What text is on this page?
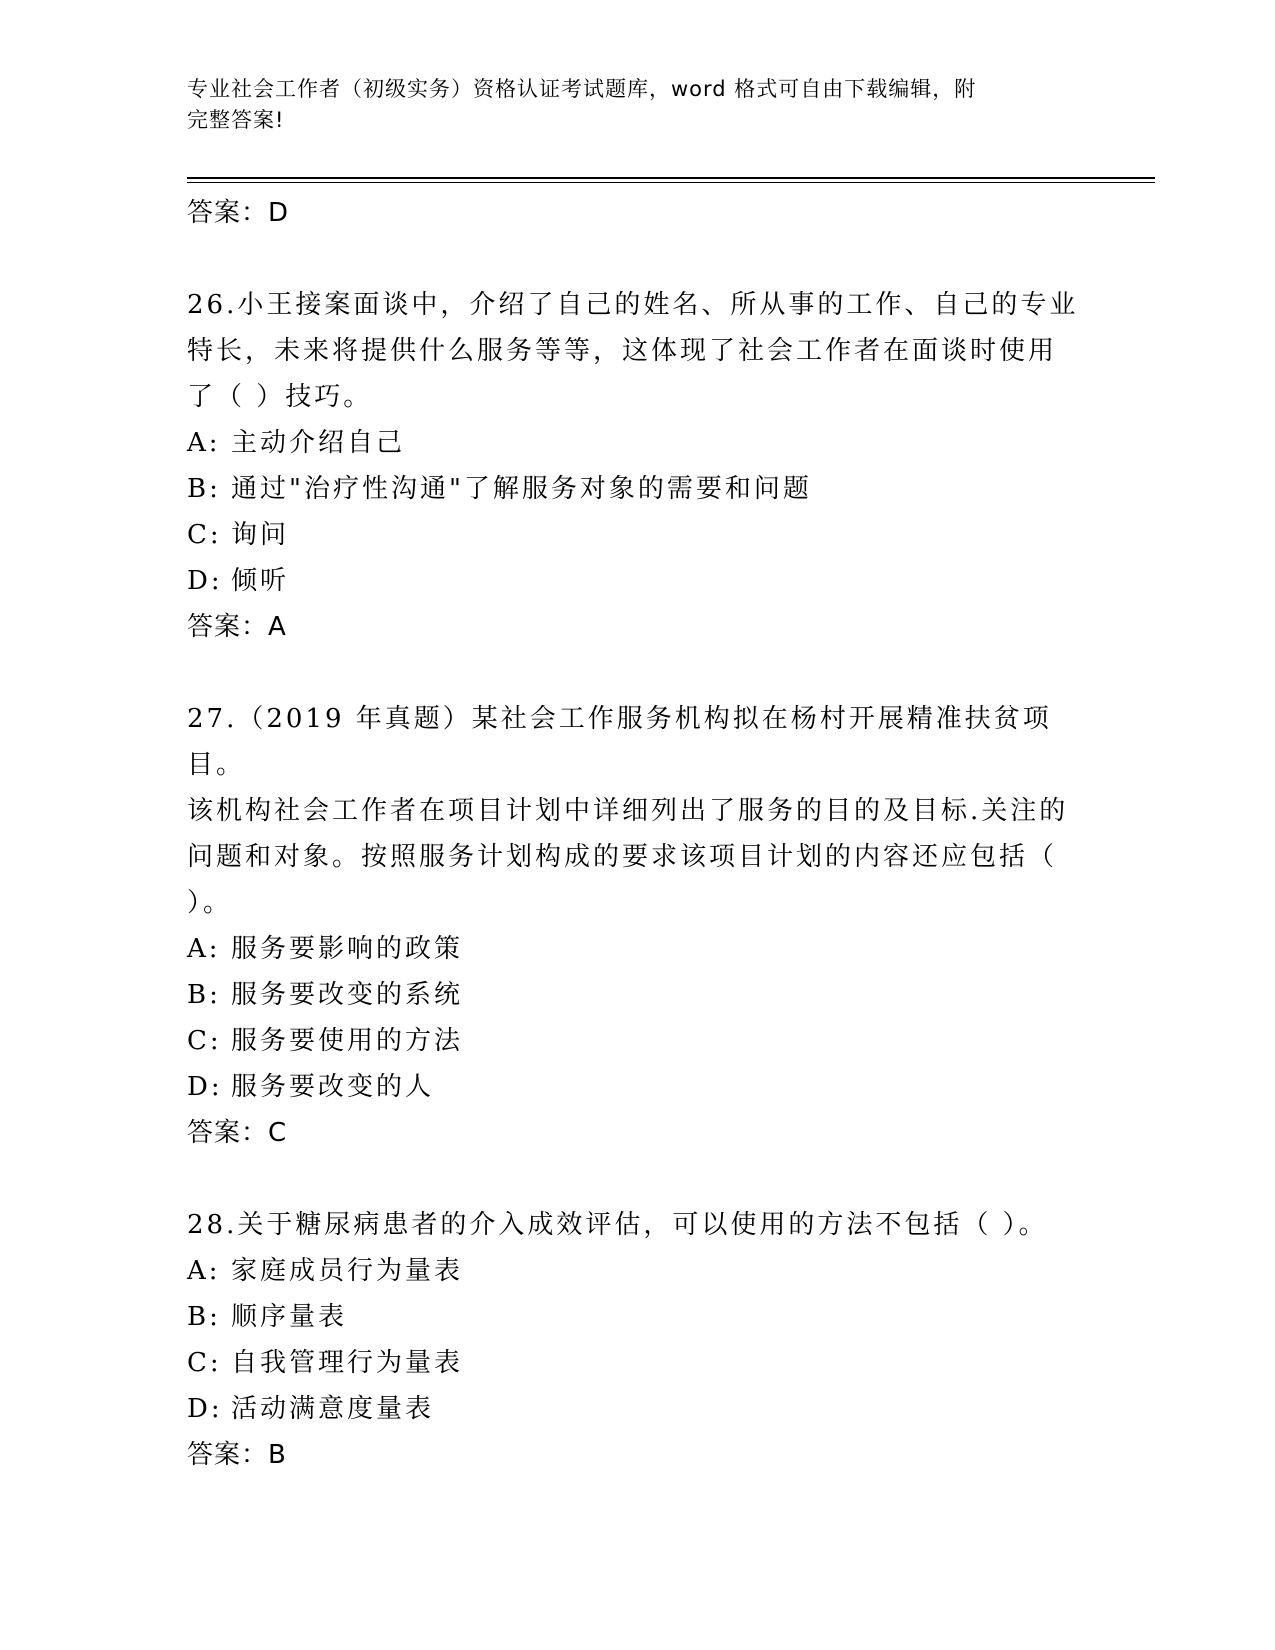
专业社会工作者（初级实务）资格认证考试题库，word 格式可自由下载编辑，附
完整答案!
答案：D
26.小王接案面谈中，介绍了自己的姓名、所从事的工作、自己的专业
特长，未来将提供什么服务等等，这体现了社会工作者在面谈时使用
了（ ）技巧。
A: 主动介绍自己
B: 通过"治疗性沟通"了解服务对象的需要和问题
C: 询问
D: 倾听
答案：A
27.（2019 年真题）某社会工作服务机构拟在杨村开展精准扶贫项目。
该机构社会工作者在项目计划中详细列出了服务的目的及目标.关注的
问题和对象。按照服务计划构成的要求该项目计划的内容还应包括（
）。
A: 服务要影响的政策
B: 服务要改变的系统
C: 服务要使用的方法
D: 服务要改变的人
答案：C
28.关于糖尿病患者的介入成效评估，可以使用的方法不包括（ ）。
A: 家庭成员行为量表
B: 顺序量表
C: 自我管理行为量表
D: 活动满意度量表
答案：B
